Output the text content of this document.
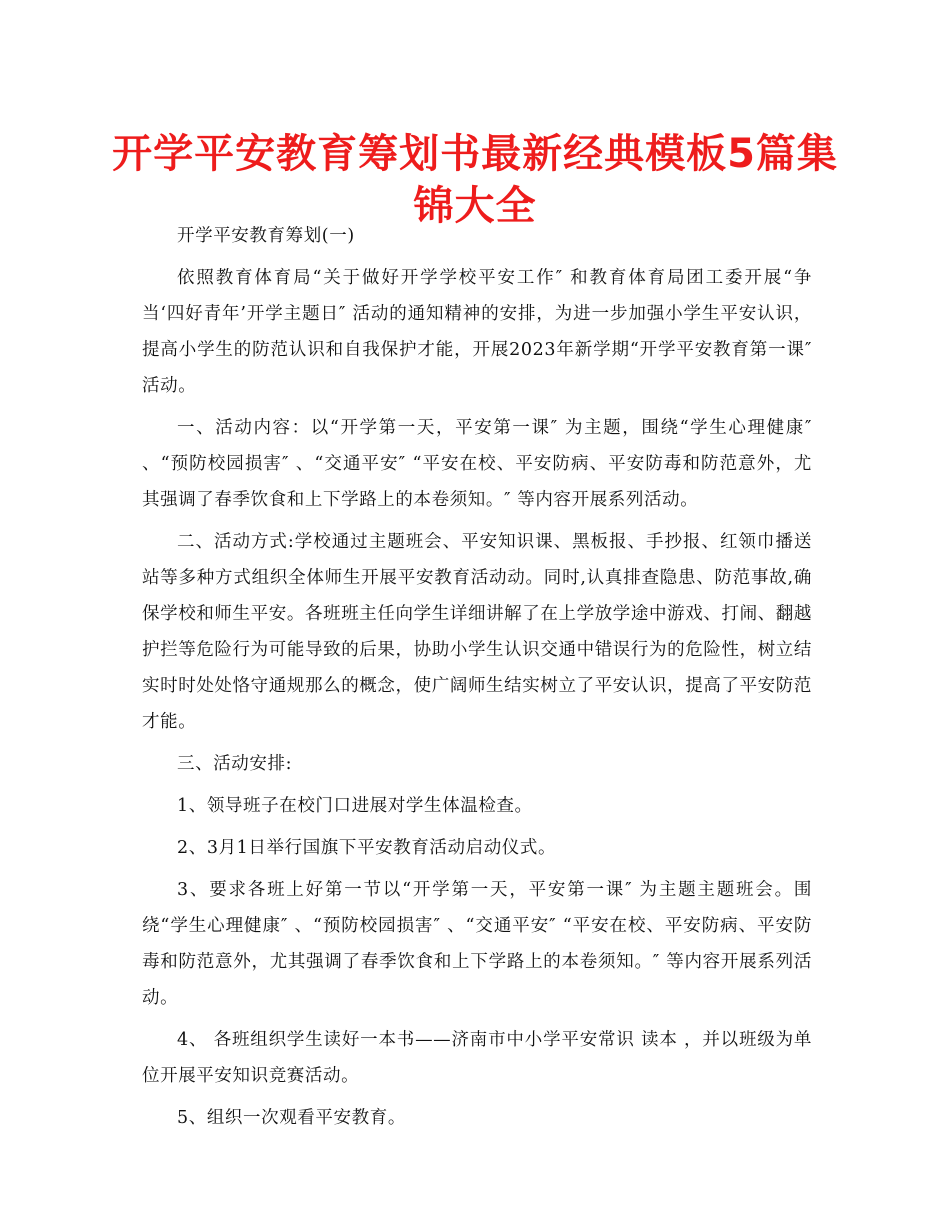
开学平安教育筹划书最新经典模板5篇集锦大全

开学平安教育筹划(一)

依照教育体育局“关于做好开学学校平安工作″ 和教育体育局团工委开展“争当‘四好青年’开学主题日″ 活动的通知精神的安排，为进一步加强小学生平安认识，提高小学生的防范认识和自我保护才能，开展2023年新学期“开学平安教育第一课″ 活动。

一、活动内容：以“开学第一天，平安第一课″ 为主题，围绕“学生心理健康″ 、“预防校园损害″ 、“交通平安″ “平安在校、平安防病、平安防毒和防范意外，尤其强调了春季饮食和上下学路上的本卷须知。″ 等内容开展系列活动。

二、活动方式:学校通过主题班会、平安知识课、黑板报、手抄报、红领巾播送站等多种方式组织全体师生开展平安教育活动动。同时,认真排查隐患、防范事故,确保学校和师生平安。各班班主任向学生详细讲解了在上学放学途中游戏、打闹、翻越护拦等危险行为可能导致的后果，协助小学生认识交通中错误行为的危险性，树立结实时时处处恪守通规那么的概念，使广阔师生结实树立了平安认识，提高了平安防范才能。

三、活动安排:

1、领导班子在校门口进展对学生体温检查。

2、3月1日举行国旗下平安教育活动启动仪式。

3、要求各班上好第一节以“开学第一天，平安第一课″ 为主题主题班会。围绕“学生心理健康″ 、“预防校园损害″ 、“交通平安″ “平安在校、平安防病、平安防毒和防范意外，尤其强调了春季饮食和上下学路上的本卷须知。″ 等内容开展系列活动。

4、 各班组织学生读好一本书——济南市中小学平安常识 读本 ，并以班级为单位开展平安知识竞赛活动。

5、组织一次观看平安教育。
